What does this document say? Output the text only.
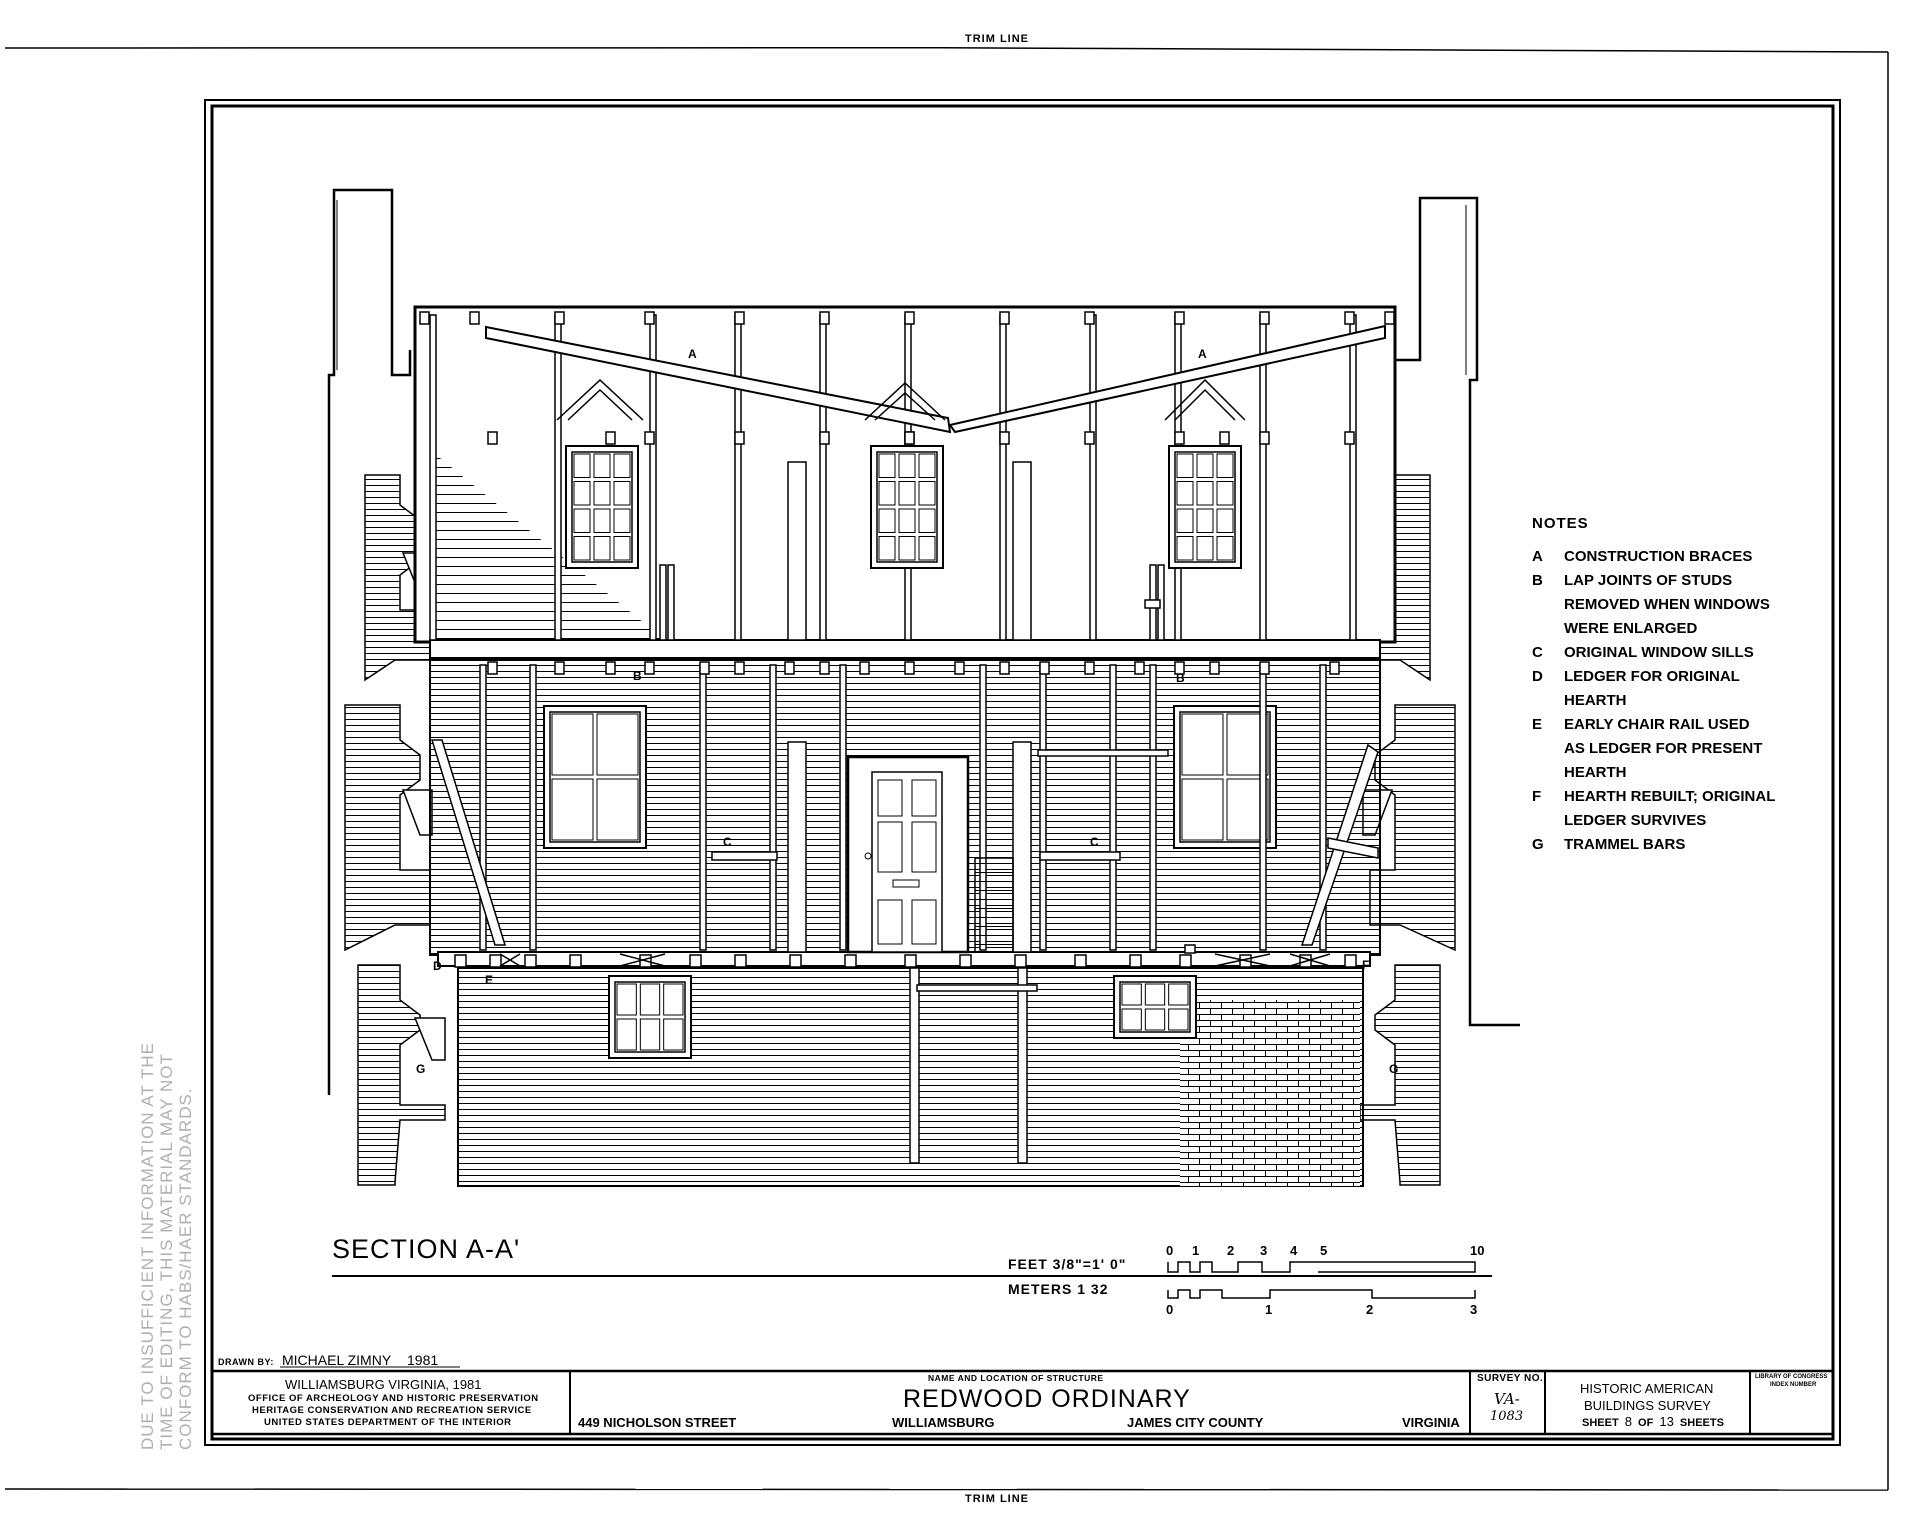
A	A
B	B
C	C
D
E
F
G	G
TRIM LINE
TRIM LINE
NOTES
A CONSTRUCTION BRACES
B LAP JOINTS OF STUDS
REMOVED WHEN WINDOWS
WERE ENLARGED
C ORIGINAL WINDOW SILLS
D LEDGER FOR ORIGINAL
HEARTH
E EARLY CHAIR RAIL USED
AS LEDGER FOR PRESENT
HEARTH
F HEARTH REBUILT; ORIGINAL
LEDGER SURVIVES
G TRAMMEL BARS
SECTION A-A'	FEET 3/8"=1' 0"
METERS 1 32
0 1 2 3 4 5	10
0	1	2	3
DUE TO INSUFFICIENT INFORMATION AT THE TIME OF EDITING, THIS MATERIAL MAY NOT CONFORM TO HABS/HAER STANDARDS.	DRAWN BY: MICHAEL ZIMNY 1981
WILLIAMSBURG VIRGINIA, 1981
OFFICE OF ARCHEOLOGY AND HISTORIC PRESERVATION
HERITAGE CONSERVATION AND RECREATION SERVICE
UNITED STATES DEPARTMENT OF THE INTERIOR
NAME AND LOCATION OF STRUCTURE
REDWOOD ORDINARY
449 NICHOLSON STREET	WILLIAMSBURG	JAMES CITY COUNTY	VIRGINIA
SURVEY NO.
VA-
1083
HISTORIC AMERICAN
BUILDINGS SURVEY
SHEET 8 OF 13 SHEETS
LIBRARY OF CONGRESS
INDEX NUMBER
